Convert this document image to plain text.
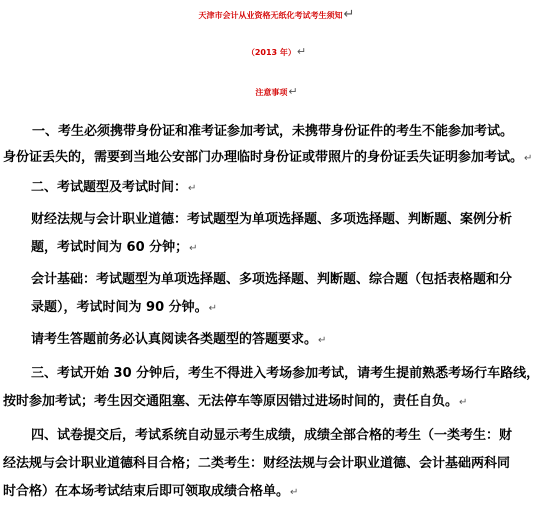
天津市会计从业资格无纸化考试考生须知↵
（2013 年）↵
注意事项↵
一、考生必须携带身份证和准考证参加考试，未携带身份证件的考生不能参加考试。
身份证丢失的，需要到当地公安部门办理临时身份证或带照片的身份证丢失证明参加考试。↵
二、考试题型及考试时间：↵
财经法规与会计职业道德：考试题型为单项选择题、多项选择题、判断题、案例分析
题，考试时间为 60 分钟；↵
会计基础：考试题型为单项选择题、多项选择题、判断题、综合题（包括表格题和分
录题），考试时间为 90 分钟。↵
请考生答题前务必认真阅读各类题型的答题要求。↵
三、考试开始 30 分钟后，考生不得进入考场参加考试，请考生提前熟悉考场行车路线，
按时参加考试；考生因交通阻塞、无法停车等原因错过进场时间的，责任自负。↵
四、试卷提交后，考试系统自动显示考生成绩，成绩全部合格的考生（一类考生：财
经法规与会计职业道德科目合格；二类考生：财经法规与会计职业道德、会计基础两科同
时合格）在本场考试结束后即可领取成绩合格单。↵
